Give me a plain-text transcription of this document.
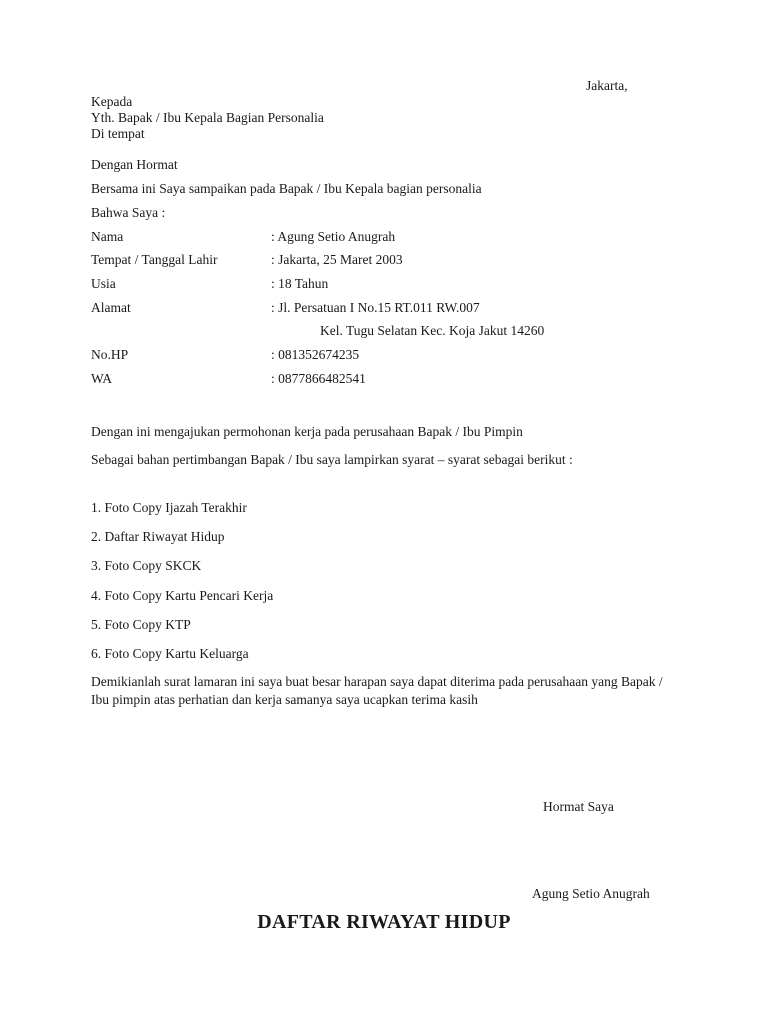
Jakarta,
Kepada
Yth. Bapak / Ibu Kepala Bagian Personalia
Di tempat
Dengan Hormat
Bersama ini Saya sampaikan pada Bapak / Ibu Kepala bagian personalia
Bahwa Saya :
Nama	: Agung Setio Anugrah
Tempat / Tanggal Lahir	: Jakarta, 25 Maret 2003
Usia	: 18 Tahun
Alamat	: Jl. Persatuan I No.15 RT.011 RW.007
Kel. Tugu Selatan Kec. Koja Jakut 14260
No.HP	: 081352674235
WA	: 0877866482541
Dengan ini mengajukan permohonan kerja pada perusahaan Bapak / Ibu Pimpin
Sebagai bahan pertimbangan Bapak / Ibu saya lampirkan syarat – syarat sebagai berikut :
1. Foto Copy Ijazah Terakhir
2. Daftar Riwayat Hidup
3. Foto Copy SKCK
4. Foto Copy Kartu Pencari Kerja
5. Foto Copy KTP
6. Foto Copy Kartu Keluarga
Demikianlah surat lamaran ini saya buat besar harapan saya dapat diterima pada perusahaan yang Bapak / Ibu pimpin atas perhatian dan kerja samanya saya ucapkan terima kasih
Hormat Saya
Agung Setio Anugrah
DAFTAR RIWAYAT HIDUP
